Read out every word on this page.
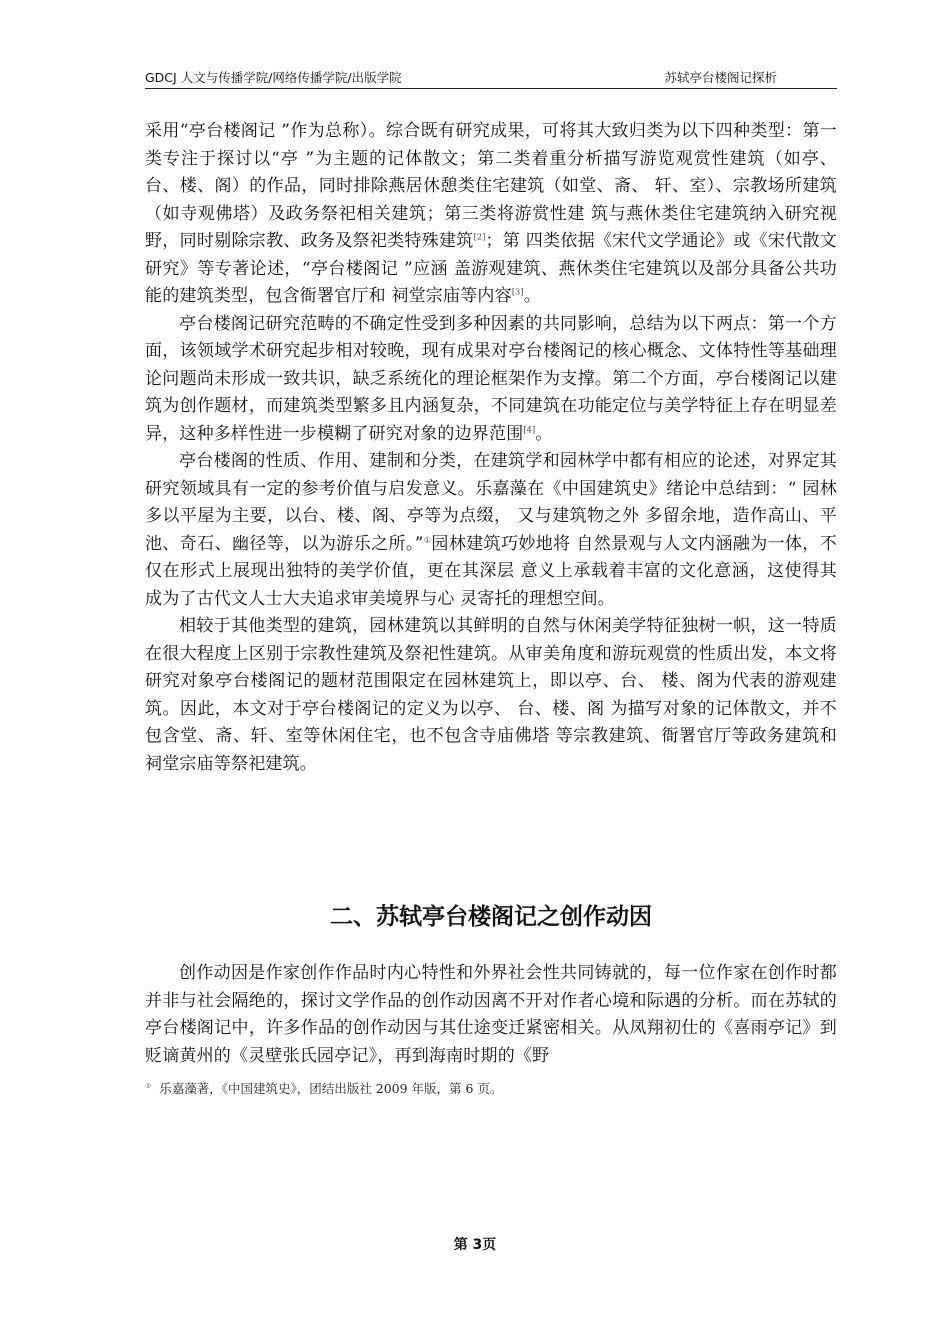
GDCJ 人文与传播学院/网络传播学院/出版学院	苏轼亭台楼阁记探析

采用“亭台楼阁记 ”作为总称）。综合既有研究成果，可将其大致归类为以下四种类型：第一类专注于探讨以“亭 ”为主题的记体散文；第二类着重分析描写游览观赏性建筑（如亭、台、楼、阁）的作品，同时排除燕居休憩类住宅建筑（如堂、斋、 轩、室）、宗教场所建筑（如寺观佛塔）及政务祭祀相关建筑；第三类将游赏性建 筑与燕休类住宅建筑纳入研究视野，同时剔除宗教、政务及祭祀类特殊建筑[2]；第 四类依据《宋代文学通论》或《宋代散文研究》等专著论述，“亭台楼阁记 ”应涵 盖游观建筑、燕休类住宅建筑以及部分具备公共功能的建筑类型，包含衙署官厅和 祠堂宗庙等内容[3]。

亭台楼阁记研究范畴的不确定性受到多种因素的共同影响，总结为以下两点：第一个方面，该领域学术研究起步相对较晚，现有成果对亭台楼阁记的核心概念、文体特性等基础理论问题尚未形成一致共识，缺乏系统化的理论框架作为支撑。第二个方面，亭台楼阁记以建筑为创作题材，而建筑类型繁多且内涵复杂，不同建筑在功能定位与美学特征上存在明显差异，这种多样性进一步模糊了研究对象的边界范围[4]。

亭台楼阁的性质、作用、建制和分类，在建筑学和园林学中都有相应的论述，对界定其研究领域具有一定的参考价值与启发意义。乐嘉藻在《中国建筑史》绪论中总结到：“ 园林多以平屋为主要，以台、楼、阁、亭等为点缀， 又与建筑物之外 多留余地，造作高山、平池、奇石、幽径等，以为游乐之所。”①园林建筑巧妙地将 自然景观与人文内涵融为一体，不仅在形式上展现出独特的美学价值，更在其深层 意义上承载着丰富的文化意涵，这使得其成为了古代文人士大夫追求审美境界与心 灵寄托的理想空间。

相较于其他类型的建筑，园林建筑以其鲜明的自然与休闲美学特征独树一帜，这一特质在很大程度上区别于宗教性建筑及祭祀性建筑。从审美角度和游玩观赏的性质出发，本文将研究对象亭台楼阁记的题材范围限定在园林建筑上，即以亭、台、 楼、阁为代表的游观建筑。因此，本文对于亭台楼阁记的定义为以亭、 台、楼、阁 为描写对象的记体散文，并不包含堂、斋、轩、室等休闲住宅，也不包含寺庙佛塔 等宗教建筑、衙署官厅等政务建筑和祠堂宗庙等祭祀建筑。

二、苏轼亭台楼阁记之创作动因

创作动因是作家创作作品时内心特性和外界社会性共同铸就的，每一位作家在创作时都并非与社会隔绝的，探讨文学作品的创作动因离不开对作者心境和际遇的分析。而在苏轼的亭台楼阁记中，许多作品的创作动因与其仕途变迁紧密相关。从凤翔初仕的《喜雨亭记》到贬谪黄州的《灵壁张氏园亭记》，再到海南时期的《野

① 乐嘉藻著，《中国建筑史》，团结出版社 2009 年版，第 6 页。
第 3页
